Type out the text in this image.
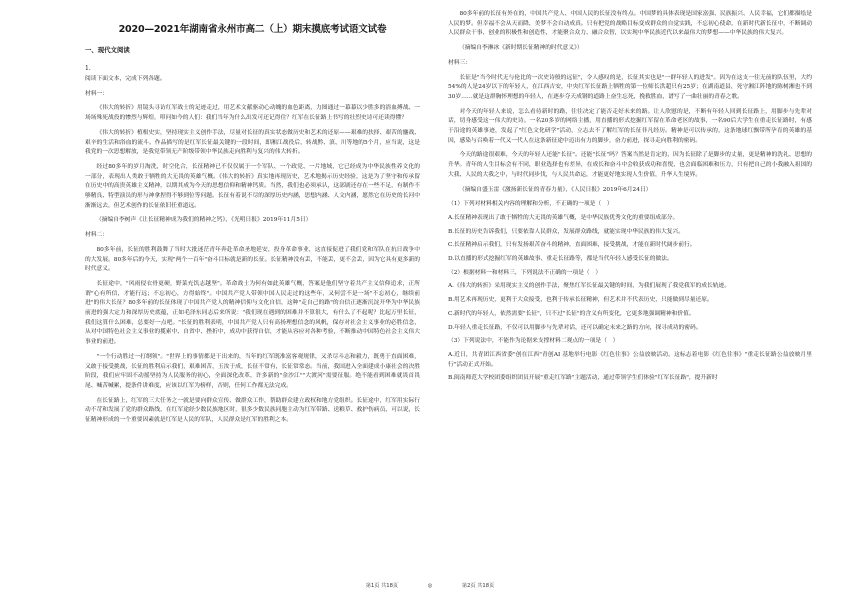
2020—2021年湖南省永州市高二（上）期末摸底考试语文试卷
一、现代文阅读
1.

阅读下面文本，完成下列各题。

材料一：

《伟大的转折》用镜头寻访红军战士的足迹走过，用艺术文献驱动心动魄的血色距离，力图通过一幕幕以少胜多的浴血搏战、一场场殊死战役的惨烈与辉煌，叩问如今的人们：我们当年为什么出发可还记得住？红军在长征路上书写的壮烈史诗可还读得懂？

《伟大的转折》植根史实，坚持现实主义创作手法，尽量对长征的真实状态做历史和艺术的还原——艰难的扶择、艰苦的鏖战、艰辛的生活和浴血的流斗。作品描写的是红军长征最关键的一段时间，即湘江战役后，转战黔、滇、川等地的5个月，应当说，这是我党的一次思想解放，是我党带领无产阶级带领中华民族走向胜利与复兴的伟大转折。

经过80多年的岁月淘洗，时空化合，长征精神已不仅仅属于一个军队、一个政党、一片地域，它已经成为中华民族性养文化的一部分，表现出人类敢于牺牲的大无畏的英雄气概。《伟大的转折》真实地再现历史，艺术地揭示历史经验，这是为了坚守和传承留在历史中的高贵英雄主义精神，以期其成为今天的思想信仰和精神钙质。当然，我们也必须承认，这部剧还存在一些不足，有制作不够精良、特型演员的形与神拿捏得不够到位等问题。长征有着说不尽的深厚历史内涵，思想内涵、人文内涵，愿然它在历史的长河中渐渐远去，但艺术创作的长征依旧任重道远。

（摘编自李树声《让长征精神成为我们的精神之钙》，《光明日报》2019年11月5日）

材料二：

80多年前，长征的胜利鼓舞了当时大批迷茫青年奔赴革命圣地延安，投身革命事业，这直接促进了我们党和军队在抗日战争中的大发展。80多年后的今天，实现"两个一百年"奋斗目标就是新的长征。长征精神没有丢，不能丢，更不会丢，因为它具有更多新的时代意义。

长征途中，"风雨侵衣骨更硬，野菜充饥志越坚"。革命战士为何有如此英雄气概，答案是他们坚守着共产主义信仰追求，正所谓"心有所信，才能行远；不忘初心，方得始终"。中国共产党人带领中国人民走过的这些年，又何尝不是一场"不忘初心，继续前进"的伟大长征？80多年前的长征体现了中国共产党人的精神信仰与文化自信，这种"走自己的路"的自信正逐渐沉淀开华为中华民族前进的强大定力和深厚历史底蕴，正如毛泽东同志后来所说："我们现在遇到的困难并不算很大，有什么了不起呢？比起万里长征，我们这算什么困难，总要好一点吧。"长征的胜利表明，中国共产党人只有高扬理想信念的风帆，保存对社会主义事业的必胜信念，从对中国特色社会主义事业的揽索中、自省中、挫折中，成功中获得自信，才能从容应对各种考验，不断推动中国特色社会主义伟大事业的前进。

"一个行动胜过一打纲领"。"世界上的事情都是干出来的，当年的红军既准富客观规律，又杀尽斗志和毅力，既勇于直面困难，又敢于接受挑战，长征的胜利启示我们，艰难困苦，玉汝于成，长征不常有，长征常常态。当前，我国进入全面建成小康社会的决胜阶段，我们应牢固不动摇坚持为人民服务的初心，全面深化改革，许多新的"金沙江""大渡河"需要征服。绝不能看到困难就畏首畏尾、喊苦喊累，提条件讲难度，应该以红军为榜样，否则，任何工作都无法完成。

在长征路上，红军的三大任务之一就是要向群众宣传、做群众工作，帮助群众建立政权和地方党组织。长征途中，红军用实际行动不苛和发展了党的群众路线，在红军途经少数民族地区时，很多少数民族同胞主动为红军带路、送粮草、救护伤病员、可以说，长征精神形成的一个重要因素就是红军是人民的军队，人民群众是红军的胜利之本。

80多年前的长征有外在的，中国共产党人、中国人民的长征没有终点。中国梦的具体表现是国家富强、民族振兴、人民幸福，它们都描绘是人民的梦。但幸福不会从天而降，美梦不会自动成真。只有把党的战略目标变成群众的自觉实践，不忘初心使命，在新时代新长征中，不断调动人民群众干事、创业的积极性和创造性，才能聚合众力、融合众智，以实现中华民族近代以来最伟大的梦想——中华民族的伟大复兴。

（摘编自李淋冰《新时期长征精神的时代意义》）

材料三：

长征是"当今时代无与伦比的一次史诗般的远征"，令人感叹的是，长征其实也是"一群年轻人的进发"。因为在这支一往无前的队伍里，大约54%的人是24岁以下的年轻人，在江西吉安，中央红军长征路上牺牲的第一位师长洪超只有25岁；在湖南道县，死守湘江阵地的陈树湘也不到30岁……就是这群胸怀理想的年轻人，在逐步夺天成钢的道路上奋生忘死，挽救胜血，谱写了一曲壮丽的青春之歌。

对今天的年轻人来说，怎么看待新时的路，往往决定了能否走好未来的路。让人欣慰的是，不断有年轻人回到长征路上，用脚步与先辈对话，切身感受这一伟大的史诗。一名20多岁的网络主播，用直播的形式挖掘红军留在革命老区的故事，一名90后大学生在重走长征路时，有感于沿途的英雄事迹，发起了"红色文化研学"活动，立志去不了解红军的长征非凡经历。精神是可以传承的，这条地球红飘带所孕育的英雄的基因，感染与召唤着一代又一代人在这条新征途中迈出有力的脚步，奋力前进，探寻走向胜利的密码。

今天的路途很艰难，今天的年轻人还能"长征"。还能"长征"吗？答案当然是肯定的，因为长征除了是脚步的丈量，更是精神的洗礼、思想的升华。青年的人生目标会有不同，职业选择也有差异，在成长和奋斗中会收获成功和喜悦，也会面临困难和压力，只有把自己的小我融入祖国的大我、人民的大我之中，与时代同步伐，与人民共命运，才能更好地实现人生价值，升华人生境界。

（摘编自盛玉雷《激扬新长征的青春力量》，《人民日报》2019年6月24日）
（1）下列对材料相关内容的理解和分析，不正确的一项是（　）
A.长征精神表现出了敢于牺牲的大无畏的英雄气概，是中华民族优秀文化的重要组成部分。
B.长征的历史告诉我们，只要依靠人民群众，发展群众路线，就能实现中华民族的伟大复兴。
C.长征精神启示我们，只有发扬艰苦奋斗的精神，直面困难，接受挑战，才能在新时代阔步前行。
D.以直播的形式挖掘红军的英雄故事、重走长征路等，都是当代年轻人感受长征的做法。
（2）根据材料一和材料三，下列说法不正确的一项是（　）
A.《伟大的转折》采用现实主义的创作手法，聚焦红军长征最关键的时间，为我们展现了我党我军的成长轨迹。
B.用艺术再现历史，更利于大众接受，也利于传承长征精神，但艺术并不代表历史，只能做到尽量还原。
C.新时代的年轻人，依然需要"长征"，只不过"长征"的含义有所变化，它更多地强调精神和价值。
D.年轻人重走长征路，不仅可以用脚步与先辈对话，还可以确定未来之路的方向，探寻成功的密码。
（3）下列说法中，不能作为论据来支撑材料二观点的一项是（　）
A.近日，共青团江西省委"创在江西"青创AI 基地举行电影《红色往事》公益放映活动，这标志着电影《红色往事》"重走长征路公益放映月里行"活动正式开始。
B.闽南师范大学校团委组织团员开展"重走红军路"主题活动，通过带领学生们体验"红军长征路"，提升新时
第1页 共18页	◎	第2页 共18页
